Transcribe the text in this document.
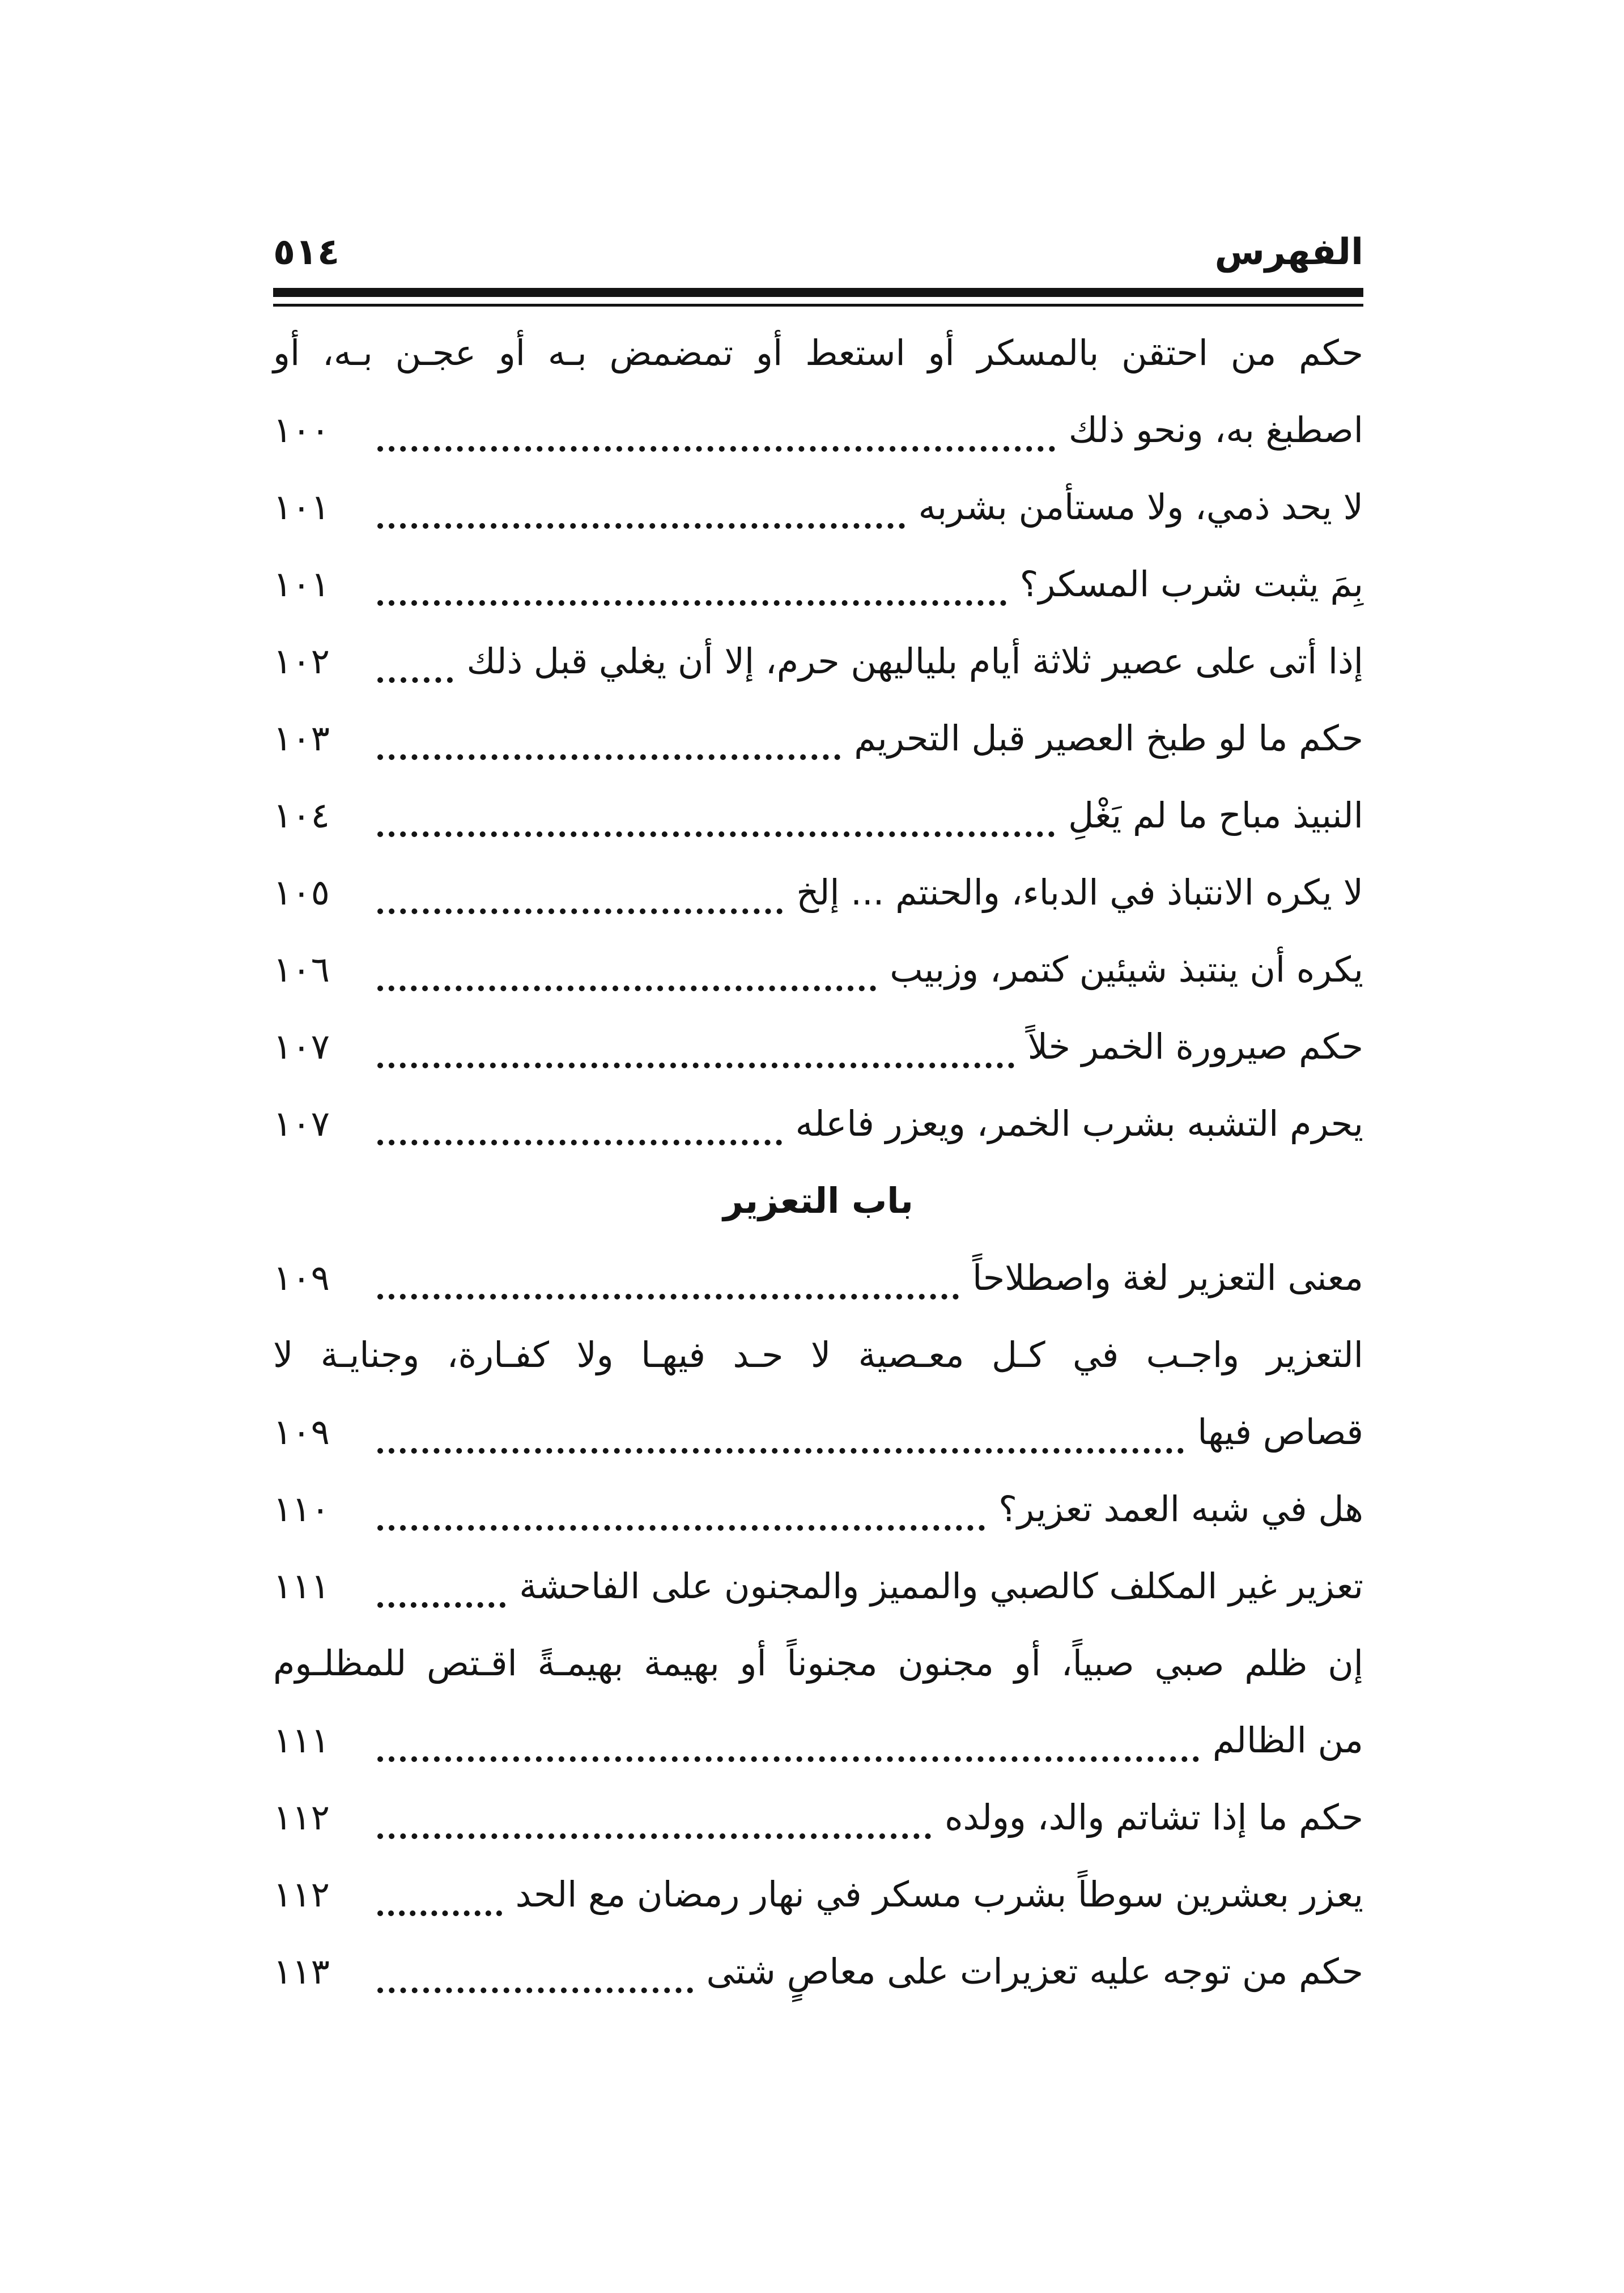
الفهرس
٥١٤
حكم من احتقن بالمسكر أو استعط أو تمضمض بـه أو عجـن بـه، أو
اصطبغ به، ونحو ذلك
١٠٠
لا يحد ذمي، ولا مستأمن بشربه
١٠١
بِمَ يثبت شرب المسكر؟
١٠١
إذا أتى على عصير ثلاثة أيام بلياليهن حرم، إلا أن يغلي قبل ذلك
١٠٢
حكم ما لو طبخ العصير قبل التحريم
١٠٣
النبيذ مباح ما لم يَغْلِ
١٠٤
لا يكره الانتباذ في الدباء، والحنتم ... إلخ
١٠٥
يكره أن ينتبذ شيئين كتمر، وزبيب
١٠٦
حكم صيرورة الخمر خلاً
١٠٧
يحرم التشبه بشرب الخمر، ويعزر فاعله
١٠٧
باب التعزير
معنى التعزير لغة واصطلاحاً
١٠٩
التعزير واجـب في كـل معـصية لا حـد فيهـا ولا كفـارة، وجنايـة لا
قصاص فيها
١٠٩
هل في شبه العمد تعزير؟
١١٠
تعزير غير المكلف كالصبي والمميز والمجنون على الفاحشة
١١١
إن ظلم صبي صبياً، أو مجنون مجنوناً أو بهيمة بهيمـةً اقـتص للمظلـوم
من الظالم
١١١
حكم ما إذا تشاتم والد، وولده
١١٢
يعزر بعشرين سوطاً بشرب مسكر في نهار رمضان مع الحد
١١٢
حكم من توجه عليه تعزيرات على معاصٍ شتى
١١٣
